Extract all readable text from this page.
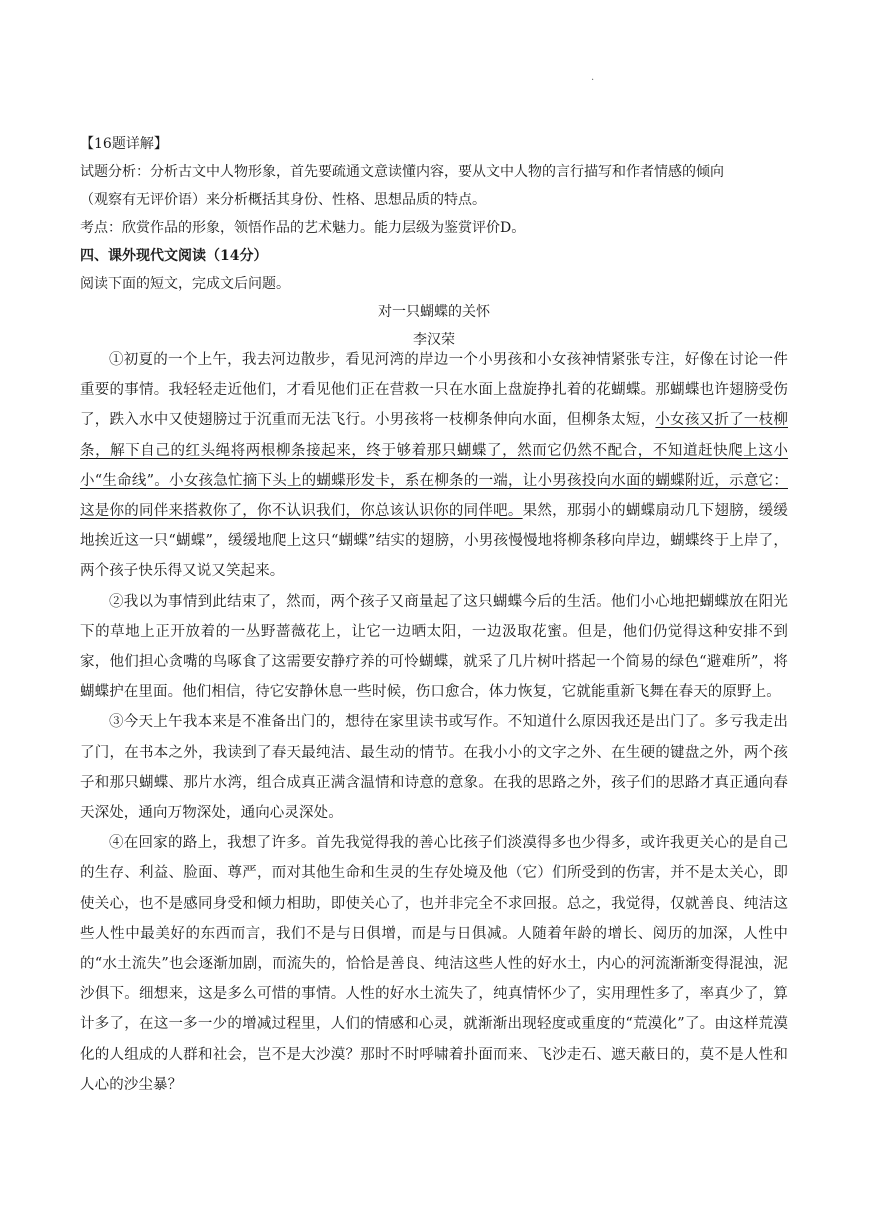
.
【16题详解】
试题分析：分析古文中人物形象，首先要疏通文意读懂内容，要从文中人物的言行描写和作者情感的倾向
（观察有无评价语）来分析概括其身份、性格、思想品质的特点。
考点：欣赏作品的形象，领悟作品的艺术魅力。能力层级为鉴赏评价D。
四、课外现代文阅读（14分）
阅读下面的短文，完成文后问题。
对一只蝴蝶的关怀
李汉荣

①初夏的一个上午，我去河边散步，看见河湾的岸边一个小男孩和小女孩神情紧张专注，好像在讨论一件重要的事情。我轻轻走近他们，才看见他们正在营救一只在水面上盘旋挣扎着的花蝴蝶。那蝴蝶也许翅膀受伤了，跌入水中又使翅膀过于沉重而无法飞行。小男孩将一枝柳条伸向水面，但柳条太短，小女孩又折了一枝柳条，解下自己的红头绳将两根柳条接起来，终于够着那只蝴蝶了，然而它仍然不配合，不知道赶快爬上这小小“生命线”。小女孩急忙摘下头上的蝴蝶形发卡，系在柳条的一端，让小男孩投向水面的蝴蝶附近，示意它：这是你的同伴来搭救你了，你不认识我们，你总该认识你的同伴吧。果然，那弱小的蝴蝶扇动几下翅膀，缓缓地挨近这一只“蝴蝶”，缓缓地爬上这只“蝴蝶”结实的翅膀，小男孩慢慢地将柳条移向岸边，蝴蝶终于上岸了，两个孩子快乐得又说又笑起来。

②我以为事情到此结束了，然而，两个孩子又商量起了这只蝴蝶今后的生活。他们小心地把蝴蝶放在阳光下的草地上正开放着的一丛野蔷薇花上，让它一边晒太阳，一边汲取花蜜。但是，他们仍觉得这种安排不到家，他们担心贪嘴的鸟啄食了这需要安静疗养的可怜蝴蝶，就采了几片树叶搭起一个简易的绿色“避难所”，将蝴蝶护在里面。他们相信，待它安静休息一些时候，伤口愈合，体力恢复，它就能重新飞舞在春天的原野上。

③今天上午我本来是不准备出门的，想待在家里读书或写作。不知道什么原因我还是出门了。多亏我走出了门，在书本之外，我读到了春天最纯洁、最生动的情节。在我小小的文字之外、在生硬的键盘之外，两个孩子和那只蝴蝶、那片水湾，组合成真正满含温情和诗意的意象。在我的思路之外，孩子们的思路才真正通向春天深处，通向万物深处，通向心灵深处。

④在回家的路上，我想了许多。首先我觉得我的善心比孩子们淡漠得多也少得多，或许我更关心的是自己的生存、利益、脸面、尊严，而对其他生命和生灵的生存处境及他（它）们所受到的伤害，并不是太关心，即使关心，也不是感同身受和倾力相助，即使关心了，也并非完全不求回报。总之，我觉得，仅就善良、纯洁这些人性中最美好的东西而言，我们不是与日俱增，而是与日俱减。人随着年龄的增长、阅历的加深，人性中的“水土流失”也会逐渐加剧，而流失的，恰恰是善良、纯洁这些人性的好水土，内心的河流渐渐变得混浊，泥沙俱下。细想来，这是多么可惜的事情。人性的好水土流失了，纯真情怀少了，实用理性多了，率真少了，算计多了，在这一多一少的增减过程里，人们的情感和心灵，就渐渐出现轻度或重度的“荒漠化”了。由这样荒漠化的人组成的人群和社会，岂不是大沙漠？那时不时呼啸着扑面而来、飞沙走石、遮天蔽日的，莫不是人性和人心的沙尘暴？
